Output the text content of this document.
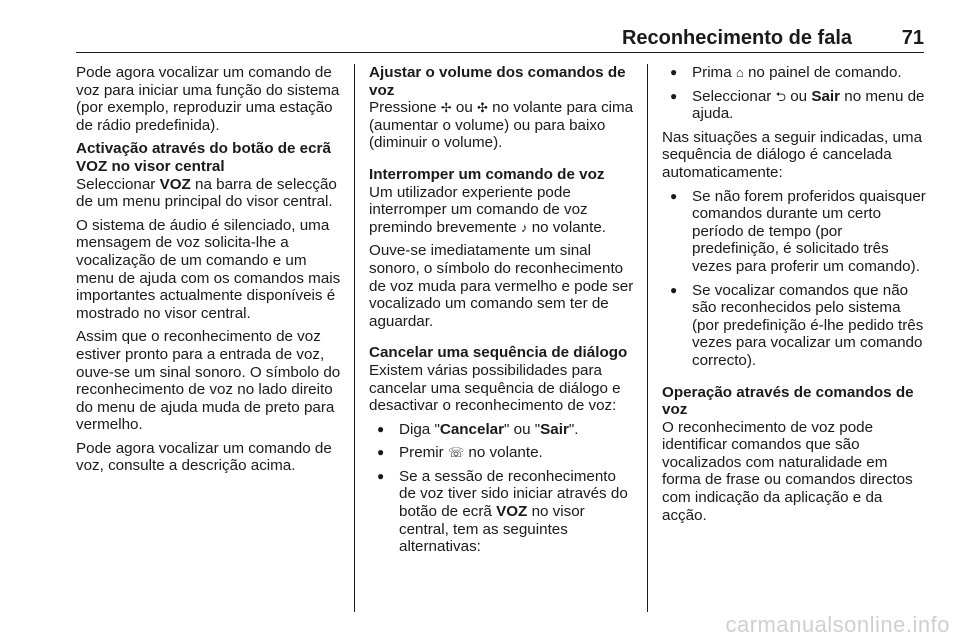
Reconhecimento de fala 71

Pode agora vocalizar um comando de voz para iniciar uma função do sistema (por exemplo, reproduzir uma estação de rádio predefinida).

Activação através do botão de ecrã VOZ no visor central

Seleccionar VOZ na barra de selecção de um menu principal do visor central.

O sistema de áudio é silenciado, uma mensagem de voz solicita-lhe a vocalização de um comando e um menu de ajuda com os comandos mais importantes actualmente disponíveis é mostrado no visor central.

Assim que o reconhecimento de voz estiver pronto para a entrada de voz, ouve-se um sinal sonoro. O símbolo do reconhecimento de voz no lado direito do menu de ajuda muda de preto para vermelho.

Pode agora vocalizar um comando de voz, consulte a descrição acima.

Ajustar o volume dos comandos de voz

Pressione ✢ ou ✣ no volante para cima (aumentar o volume) ou para baixo (diminuir o volume).

Interromper um comando de voz

Um utilizador experiente pode interromper um comando de voz premindo brevemente ♪ no volante.

Ouve-se imediatamente um sinal sonoro, o símbolo do reconhecimento de voz muda para vermelho e pode ser vocalizado um comando sem ter de aguardar.

Cancelar uma sequência de diálogo

Existem várias possibilidades para cancelar uma sequência de diálogo e desactivar o reconhecimento de voz:

● Diga "Cancelar" ou "Sair".
● Premir ☏ no volante.
● Se a sessão de reconhecimento de voz tiver sido iniciar através do botão de ecrã VOZ no visor central, tem as seguintes alternativas:
● Prima ⌂ no painel de comando.
● Seleccionar ⮌ ou Sair no menu de ajuda.

Nas situações a seguir indicadas, uma sequência de diálogo é cancelada automaticamente:

● Se não forem proferidos quaisquer comandos durante um certo período de tempo (por predefinição, é solicitado três vezes para proferir um comando).
● Se vocalizar comandos que não são reconhecidos pelo sistema (por predefinição é-lhe pedido três vezes para vocalizar um comando correcto).

Operação através de comandos de voz

O reconhecimento de voz pode identificar comandos que são vocalizados com naturalidade em forma de frase ou comandos directos com indicação da aplicação e da acção.

carmanualsonline.info
